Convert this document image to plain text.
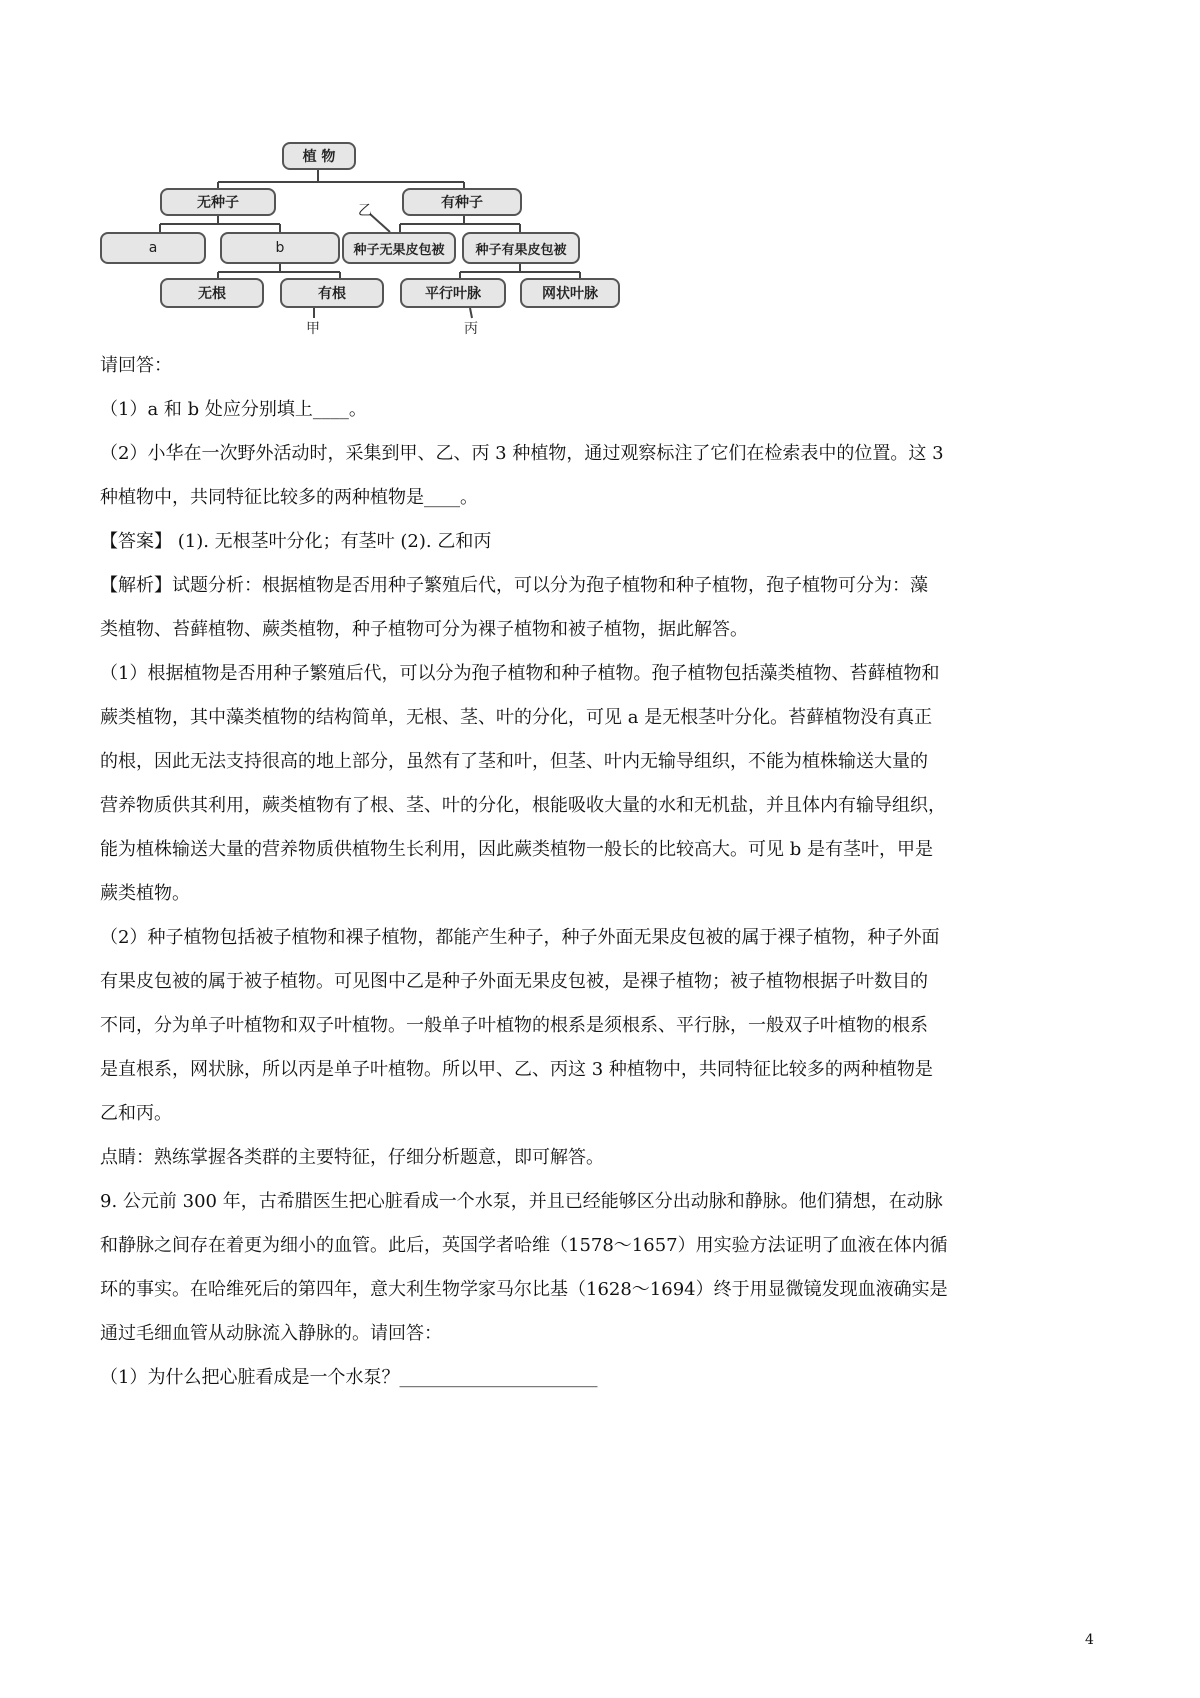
植 物
无种子	有种子
a	b	种子无果皮包被	种子有果皮包被
无根	有根	平行叶脉	网状叶脉
乙
甲	丙
请回答：
（1）a 和 b 处应分别填上____。
（2）小华在一次野外活动时，采集到甲、乙、丙 3 种植物，通过观察标注了它们在检索表中的位置。这 3
种植物中，共同特征比较多的两种植物是____。
【答案】 (1). 无根茎叶分化；有茎叶 (2). 乙和丙
【解析】试题分析：根据植物是否用种子繁殖后代，可以分为孢子植物和种子植物，孢子植物可分为：藻
类植物、苔藓植物、蕨类植物，种子植物可分为裸子植物和被子植物，据此解答。
（1）根据植物是否用种子繁殖后代，可以分为孢子植物和种子植物。孢子植物包括藻类植物、苔藓植物和
蕨类植物，其中藻类植物的结构简单，无根、茎、叶的分化，可见 a 是无根茎叶分化。苔藓植物没有真正
的根，因此无法支持很高的地上部分，虽然有了茎和叶，但茎、叶内无输导组织，不能为植株输送大量的
营养物质供其利用，蕨类植物有了根、茎、叶的分化，根能吸收大量的水和无机盐，并且体内有输导组织，
能为植株输送大量的营养物质供植物生长利用，因此蕨类植物一般长的比较高大。可见 b 是有茎叶，甲是
蕨类植物。
（2）种子植物包括被子植物和裸子植物，都能产生种子，种子外面无果皮包被的属于裸子植物，种子外面
有果皮包被的属于被子植物。可见图中乙是种子外面无果皮包被，是裸子植物；被子植物根据子叶数目的
不同，分为单子叶植物和双子叶植物。一般单子叶植物的根系是须根系、平行脉，一般双子叶植物的根系
是直根系，网状脉，所以丙是单子叶植物。所以甲、乙、丙这 3 种植物中，共同特征比较多的两种植物是
乙和丙。
点睛：熟练掌握各类群的主要特征，仔细分析题意，即可解答。
9. 公元前 300 年，古希腊医生把心脏看成一个水泵，并且已经能够区分出动脉和静脉。他们猜想，在动脉
和静脉之间存在着更为细小的血管。此后，英国学者哈维（1578～1657）用实验方法证明了血液在体内循
环的事实。在哈维死后的第四年，意大利生物学家马尔比基（1628～1694）终于用显微镜发现血液确实是
通过毛细血管从动脉流入静脉的。请回答：
（1）为什么把心脏看成是一个水泵？______________________
4
